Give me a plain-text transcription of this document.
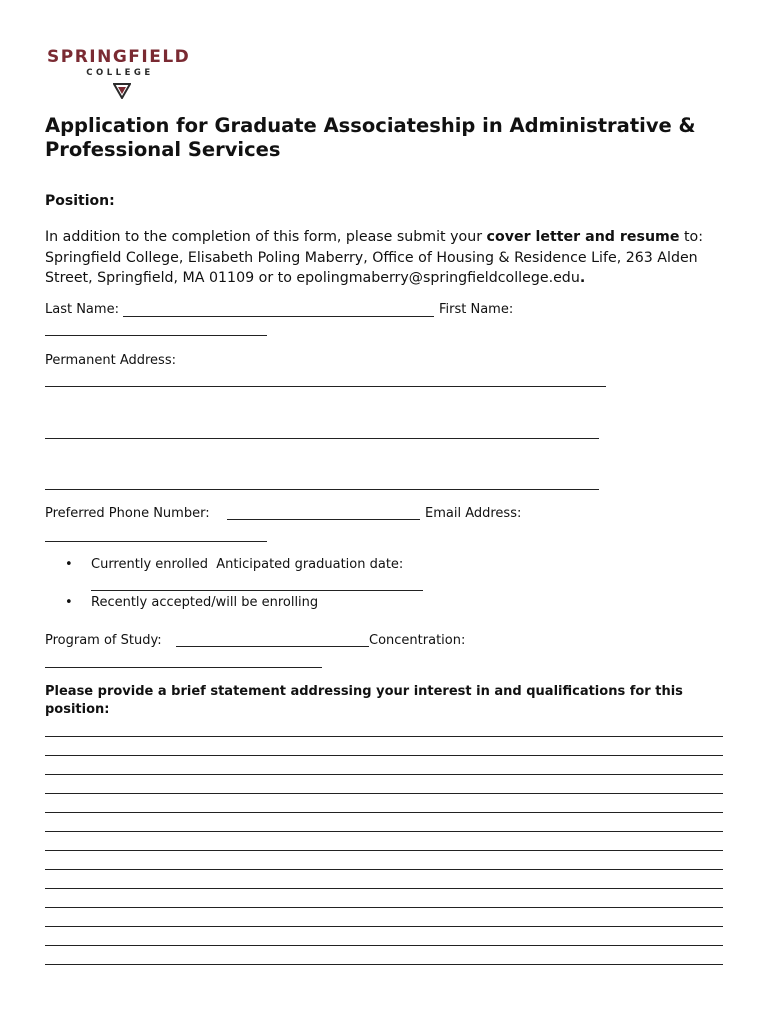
SPRINGFIELD
COLLEGE
Application for Graduate Associateship in Administrative & Professional Services
Position:
In addition to the completion of this form, please submit your cover letter and resume to: Springfield College, Elisabeth Poling Maberry, Office of Housing & Residence Life, 263 Alden Street, Springfield, MA 01109 or to epolingmaberry@springfieldcollege.edu.
Last Name:	First Name:
Permanent Address:
Preferred Phone Number:	Email Address:
• Currently enrolled Anticipated graduation date:
• Recently accepted/will be enrolling
Program of Study:	Concentration:
Please provide a brief statement addressing your interest in and qualifications for this position:
